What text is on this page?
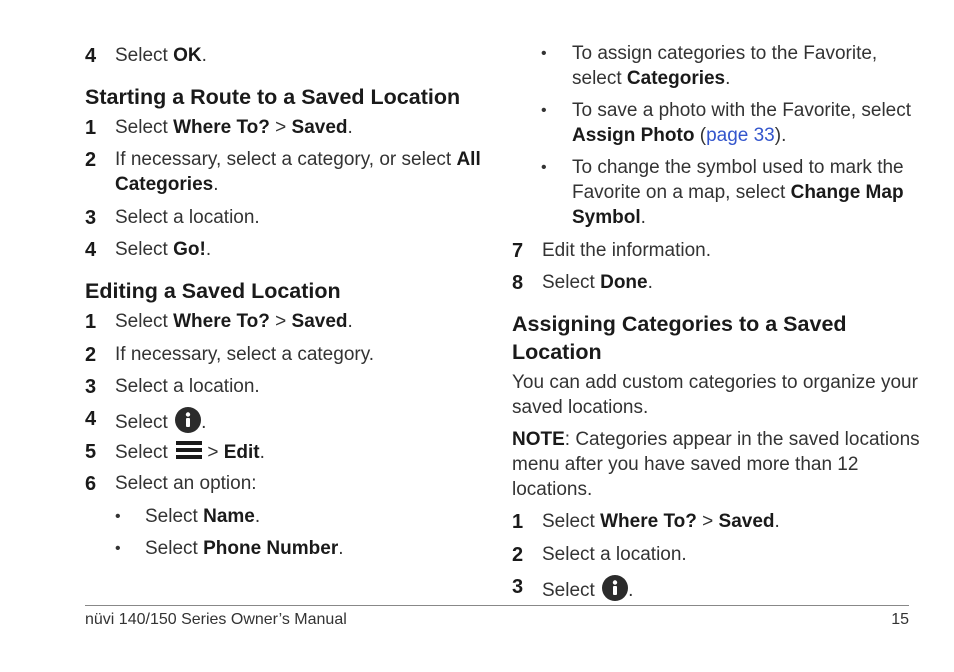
4 Select OK.
Starting a Route to a Saved Location
1 Select Where To? > Saved.
2 If necessary, select a category, or select All
Categories.
3 Select a location.
4 Select Go!.
Editing a Saved Location
1 Select Where To? > Saved.
2 If necessary, select a category.
3 Select a location.
4 Select
.
5 Select  > Edit.
6 Select an option:
• Select Name.
• Select Phone Number.
• To assign categories to the Favorite,
select Categories.
• To save a photo with the Favorite, select
Assign Photo (page 33).
• To change the symbol used to mark the
Favorite on a map, select Change Map
Symbol.
7 Edit the information.
8 Select Done.
Assigning Categories to a Saved
Location
You can add custom categories to organize your
saved locations.
NOTE: Categories appear in the saved locations
menu after you have saved more than 12
locations.
1 Select Where To? > Saved.
2 Select a location.
3 Select
.
nüvi 140/150 Series Owner’s Manual	15
